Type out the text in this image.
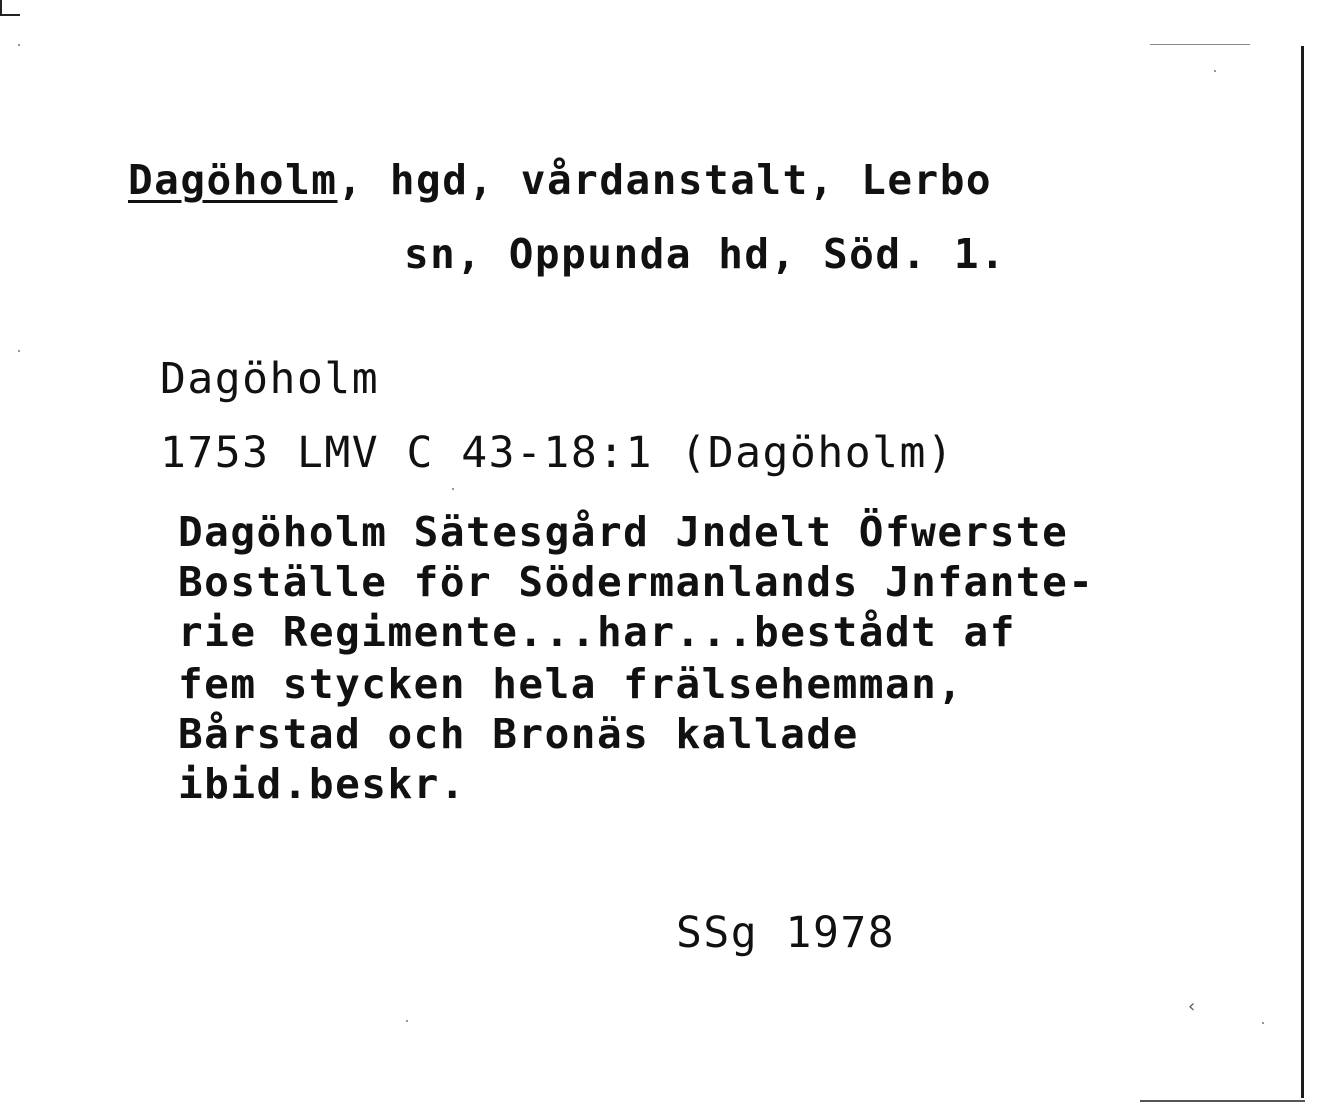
Dagöholm, hgd, vårdanstalt, Lerbo
sn, Oppunda hd, Söd. 1.
Dagöholm
1753 LMV C 43-18:1 (Dagöholm)
Dagöholm Sätesgård Jndelt Öfwerste
Boställe för Södermanlands Jnfante-
rie Regimente...har...bestådt af
fem stycken hela frälsehemman,
Bårstad och Bronäs kallade
ibid.beskr.
SSg 1978
‹
